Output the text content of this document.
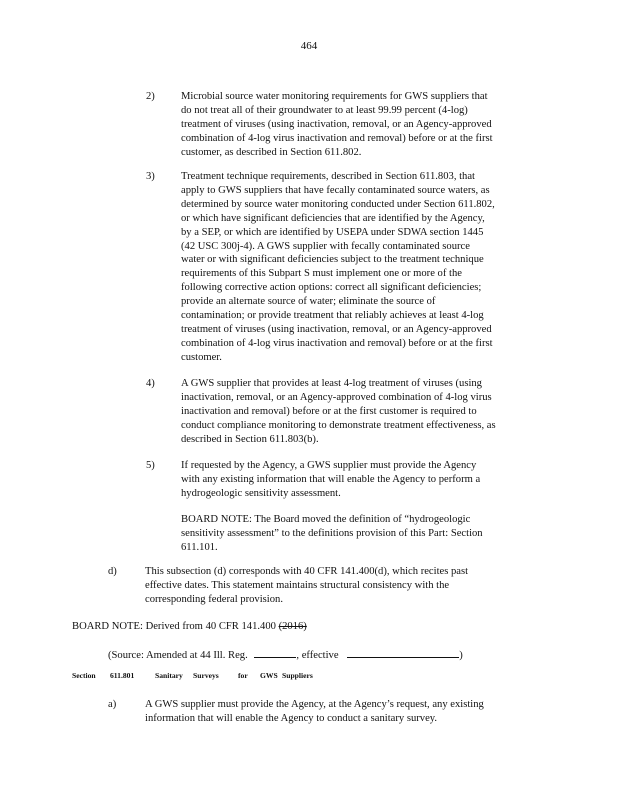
464
2)	Microbial source water monitoring requirements for GWS suppliers that
do not treat all of their groundwater to at least 99.99 percent (4-log)
treatment of viruses (using inactivation, removal, or an Agency-approved
combination of 4-log virus inactivation and removal) before or at the first
customer, as described in Section 611.802.
3)	Treatment technique requirements, described in Section 611.803, that
apply to GWS suppliers that have fecally contaminated source waters, as
determined by source water monitoring conducted under Section 611.802,
or which have significant deficiencies that are identified by the Agency,
by a SEP, or which are identified by USEPA under SDWA section 1445
(42 USC 300j-4). A GWS supplier with fecally contaminated source
water or with significant deficiencies subject to the treatment technique
requirements of this Subpart S must implement one or more of the
following corrective action options: correct all significant deficiencies;
provide an alternate source of water; eliminate the source of
contamination; or provide treatment that reliably achieves at least 4-log
treatment of viruses (using inactivation, removal, or an Agency-approved
combination of 4-log virus inactivation and removal) before or at the first
customer.
4)	A GWS supplier that provides at least 4-log treatment of viruses (using
inactivation, removal, or an Agency-approved combination of 4-log virus
inactivation and removal) before or at the first customer is required to
conduct compliance monitoring to demonstrate treatment effectiveness, as
described in Section 611.803(b).
5)	If requested by the Agency, a GWS supplier must provide the Agency
with any existing information that will enable the Agency to perform a
hydrogeologic sensitivity assessment.
BOARD NOTE: The Board moved the definition of “hydrogeologic
sensitivity assessment” to the definitions provision of this Part: Section
611.101.
d)	This subsection (d) corresponds with 40 CFR 141.400(d), which recites past
effective dates. This statement maintains structural consistency with the
corresponding federal provision.
BOARD NOTE: Derived from 40 CFR 141.400 (2016)
(Source: Amended at 44 Ill. Reg.	, effective	)
Section 611.801	Sanitary Surveys	for GWS Suppliers
a)	A GWS supplier must provide the Agency, at the Agency’s request, any existing
information that will enable the Agency to conduct a sanitary survey.
